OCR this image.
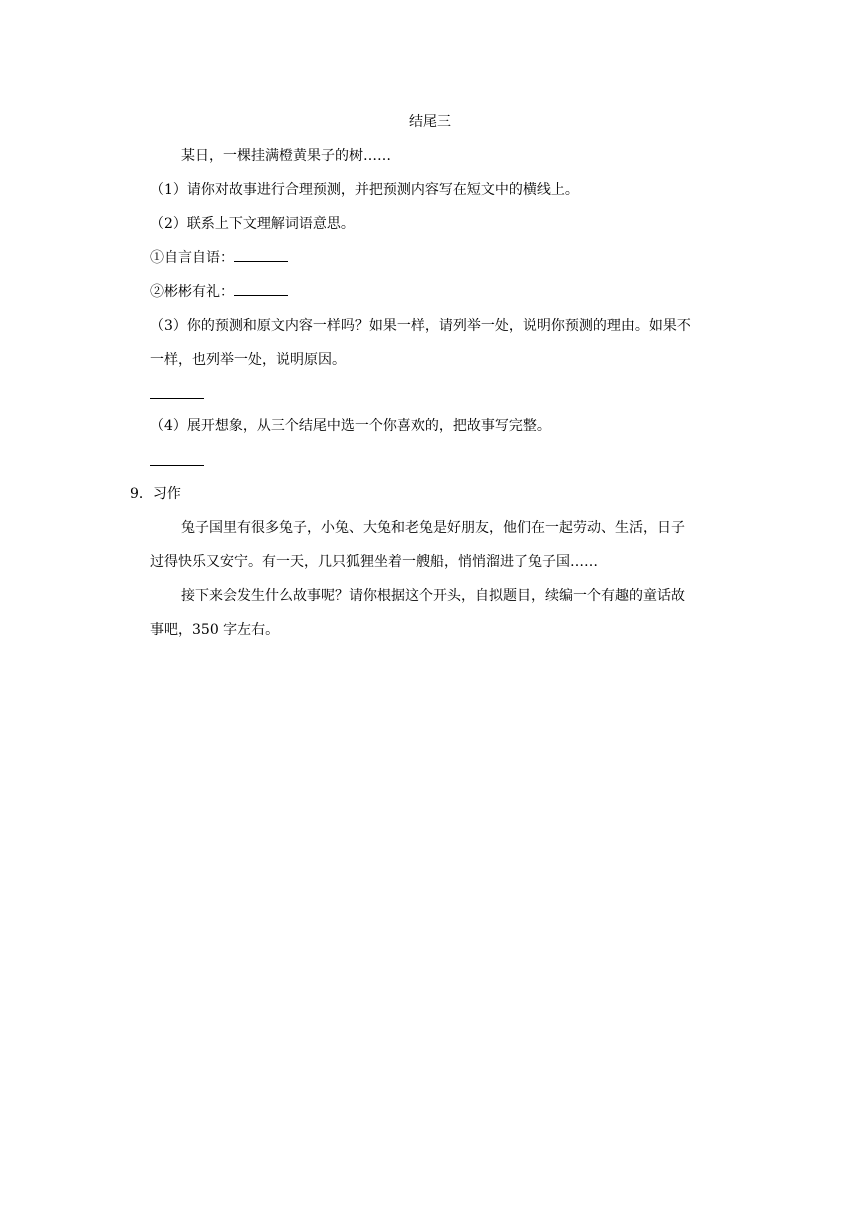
结尾三
某日，一棵挂满橙黄果子的树……
（1）请你对故事进行合理预测，并把预测内容写在短文中的横线上。
（2）联系上下文理解词语意思。
①自言自语：
②彬彬有礼：
（3）你的预测和原文内容一样吗？如果一样，请列举一处，说明你预测的理由。如果不
一样，也列举一处，说明原因。
（4）展开想象，从三个结尾中选一个你喜欢的，把故事写完整。
9．习作
兔子国里有很多兔子，小兔、大兔和老兔是好朋友，他们在一起劳动、生活，日子
过得快乐又安宁。有一天，几只狐狸坐着一艘船，悄悄溜进了兔子国……
接下来会发生什么故事呢？请你根据这个开头，自拟题目，续编一个有趣的童话故
事吧，350 字左右。
